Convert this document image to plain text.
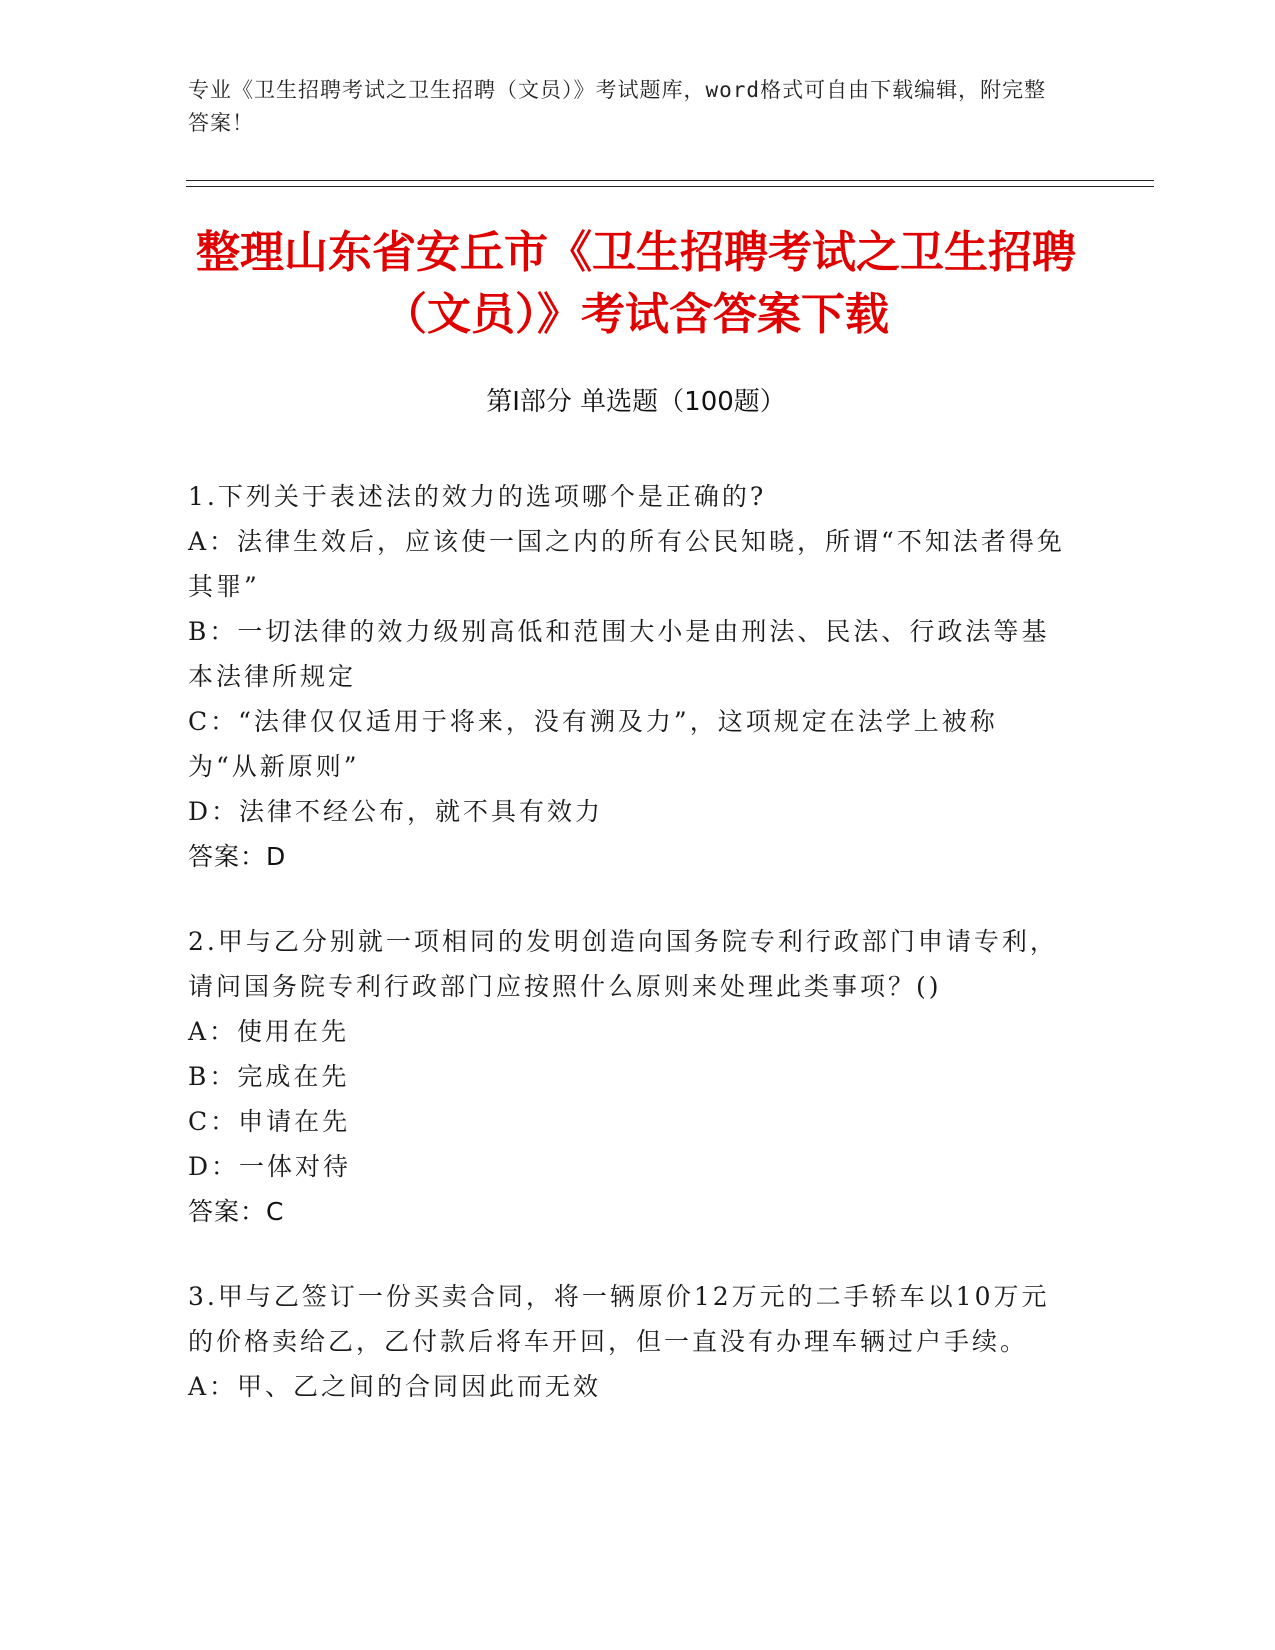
专业《卫生招聘考试之卫生招聘（文员）》考试题库，word格式可自由下载编辑，附完整答案！
整理山东省安丘市《卫生招聘考试之卫生招聘（文员）》考试含答案下载
第Ⅰ部分 单选题（100题）

1.下列关于表述法的效力的选项哪个是正确的?

A：法律生效后，应该使一国之内的所有公民知晓，所谓“不知法者得免其罪”

B：一切法律的效力级别高低和范围大小是由刑法、民法、行政法等基本法律所规定

C：“法律仅仅适用于将来，没有溯及力”，这项规定在法学上被称为“从新原则”

D：法律不经公布，就不具有效力

答案：D

2.甲与乙分别就一项相同的发明创造向国务院专利行政部门申请专利，请问国务院专利行政部门应按照什么原则来处理此类事项？()

A：使用在先

B：完成在先

C：申请在先

D：一体对待

答案：C

3.甲与乙签订一份买卖合同，将一辆原价12万元的二手轿车以10万元的价格卖给乙，乙付款后将车开回，但一直没有办理车辆过户手续。

A：甲、乙之间的合同因此而无效
